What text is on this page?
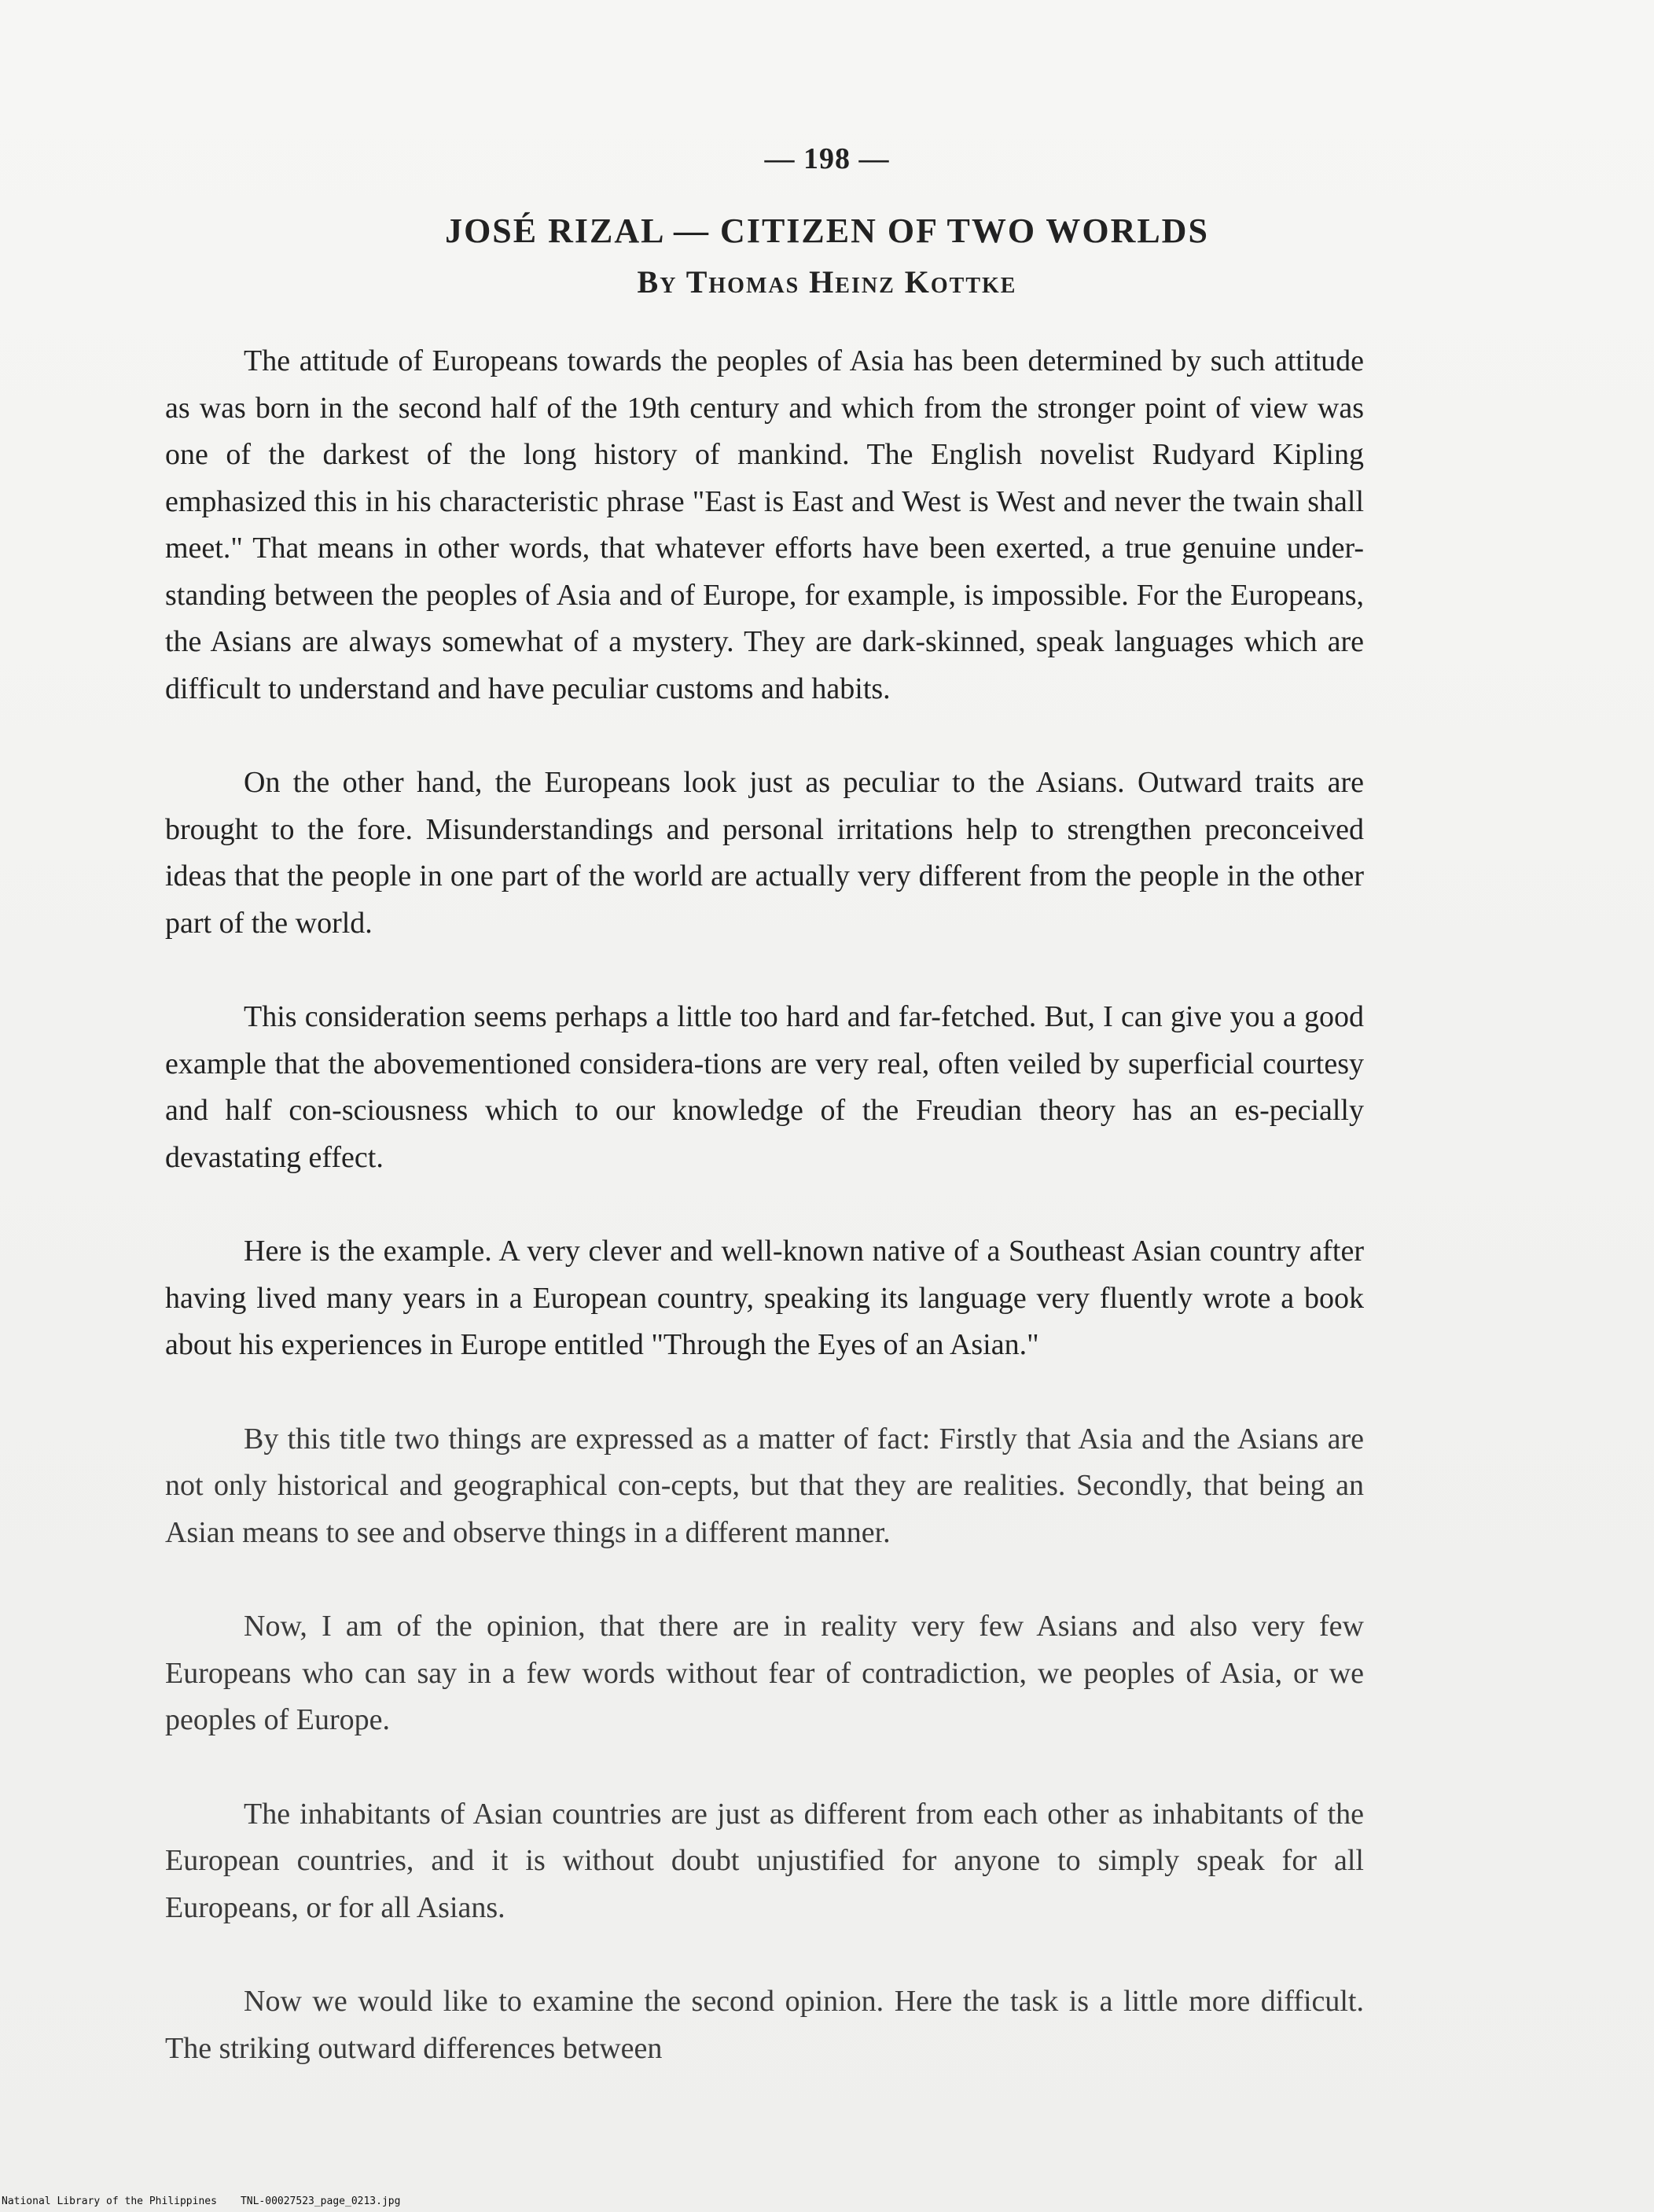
— 198 —
JOSÉ RIZAL — CITIZEN OF TWO WORLDS
By Thomas Heinz Kottke

The attitude of Europeans towards the peoples of Asia has been determined by such attitude as was born in the second half of the 19th century and which from the stronger point of view was one of the darkest of the long history of mankind. The English novelist Rudyard Kipling emphasized this in his characteristic phrase "East is East and West is West and never the twain shall meet." That means in other words, that whatever efforts have been exerted, a true genuine under-standing between the peoples of Asia and of Europe, for example, is impossible. For the Europeans, the Asians are always somewhat of a mystery. They are dark-skinned, speak languages which are difficult to understand and have peculiar customs and habits.

On the other hand, the Europeans look just as peculiar to the Asians. Outward traits are brought to the fore. Misunderstandings and personal irritations help to strengthen preconceived ideas that the people in one part of the world are actually very different from the people in the other part of the world.

This consideration seems perhaps a little too hard and far-fetched. But, I can give you a good example that the abovementioned considera-tions are very real, often veiled by superficial courtesy and half con-sciousness which to our knowledge of the Freudian theory has an es-pecially devastating effect.

Here is the example. A very clever and well-known native of a Southeast Asian country after having lived many years in a European country, speaking its language very fluently wrote a book about his experiences in Europe entitled "Through the Eyes of an Asian."

By this title two things are expressed as a matter of fact: Firstly that Asia and the Asians are not only historical and geographical con-cepts, but that they are realities. Secondly, that being an Asian means to see and observe things in a different manner.

Now, I am of the opinion, that there are in reality very few Asians and also very few Europeans who can say in a few words without fear of contradiction, we peoples of Asia, or we peoples of Europe.

The inhabitants of Asian countries are just as different from each other as inhabitants of the European countries, and it is without doubt unjustified for anyone to simply speak for all Europeans, or for all Asians.

Now we would like to examine the second opinion. Here the task is a little more difficult. The striking outward differences between

National Library of the Philippines TNL-00027523_page_0213.jpg
